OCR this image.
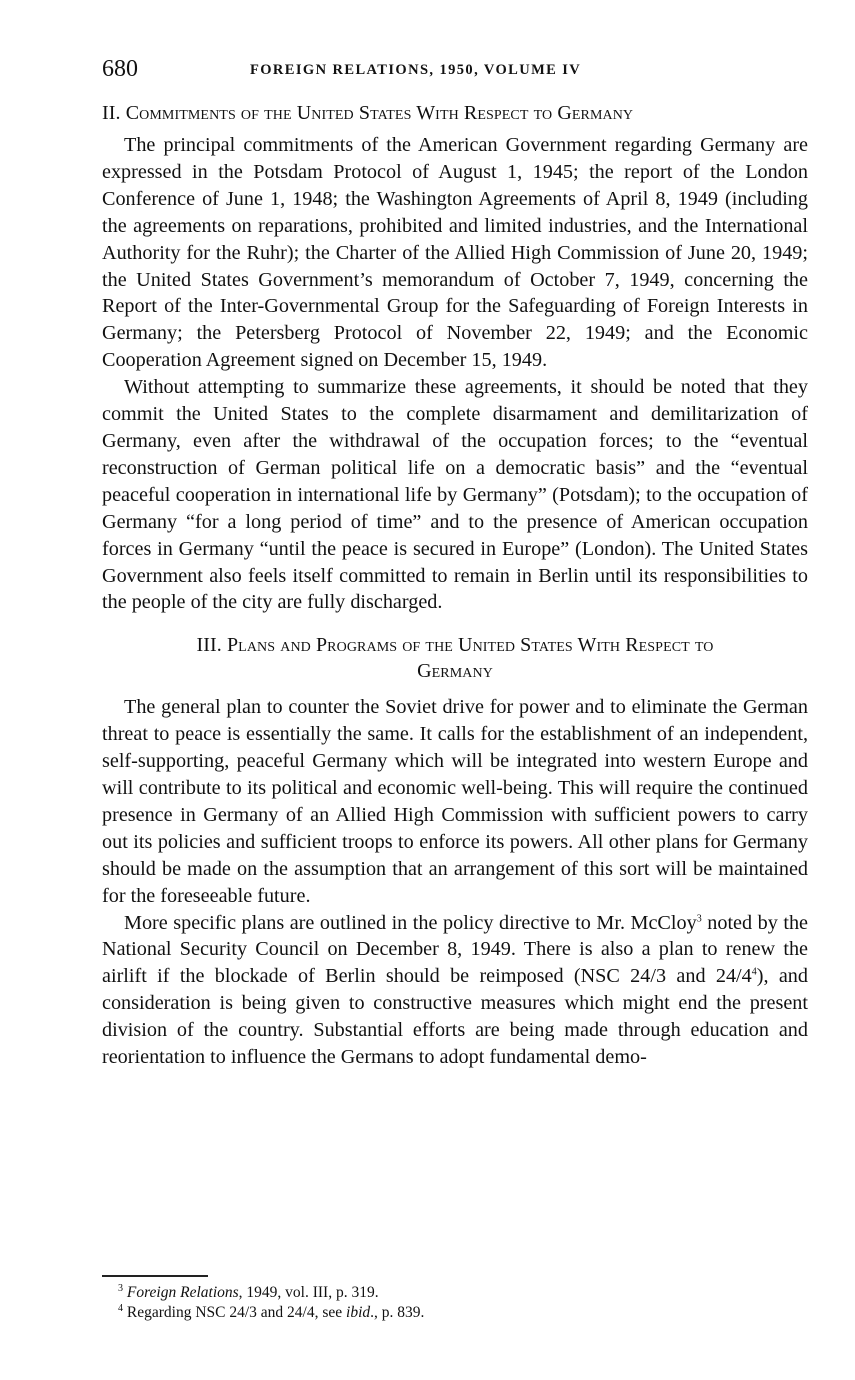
680	FOREIGN RELATIONS, 1950, VOLUME IV
II. Commitments of the United States With Respect to Germany

The principal commitments of the American Government regarding Germany are expressed in the Potsdam Protocol of August 1, 1945; the report of the London Conference of June 1, 1948; the Washington Agreements of April 8, 1949 (including the agreements on reparations, prohibited and limited industries, and the International Authority for the Ruhr); the Charter of the Allied High Commission of June 20, 1949; the United States Government’s memorandum of October 7, 1949, concerning the Report of the Inter-Governmental Group for the Safeguarding of Foreign Interests in Germany; the Petersberg Protocol of November 22, 1949; and the Economic Cooperation Agreement signed on December 15, 1949.

Without attempting to summarize these agreements, it should be noted that they commit the United States to the complete disarmament and demilitarization of Germany, even after the withdrawal of the occupation forces; to the “eventual reconstruction of German political life on a democratic basis” and the “eventual peaceful cooperation in international life by Germany” (Potsdam); to the occupation of Germany “for a long period of time” and to the presence of American occupation forces in Germany “until the peace is secured in Europe” (London). The United States Government also feels itself committed to remain in Berlin until its responsibilities to the people of the city are fully discharged.

III. Plans and Programs of the United States With Respect to
Germany

The general plan to counter the Soviet drive for power and to eliminate the German threat to peace is essentially the same. It calls for the establishment of an independent, self-supporting, peaceful Germany which will be integrated into western Europe and will contribute to its political and economic well-being. This will require the continued presence in Germany of an Allied High Commission with sufficient powers to carry out its policies and sufficient troops to enforce its powers. All other plans for Germany should be made on the assumption that an arrangement of this sort will be maintained for the foreseeable future.

More specific plans are outlined in the policy directive to Mr. McCloy$^3$ noted by the National Security Council on December 8, 1949. There is also a plan to renew the airlift if the blockade of Berlin should be reimposed (NSC 24/3 and 24/4$^4$), and consideration is being given to constructive measures which might end the present division of the country. Substantial efforts are being made through education and reorientation to influence the Germans to adopt fundamental demo-

$^3$ Foreign Relations, 1949, vol. III, p. 319.

$^4$ Regarding NSC 24/3 and 24/4, see ibid., p. 839.
